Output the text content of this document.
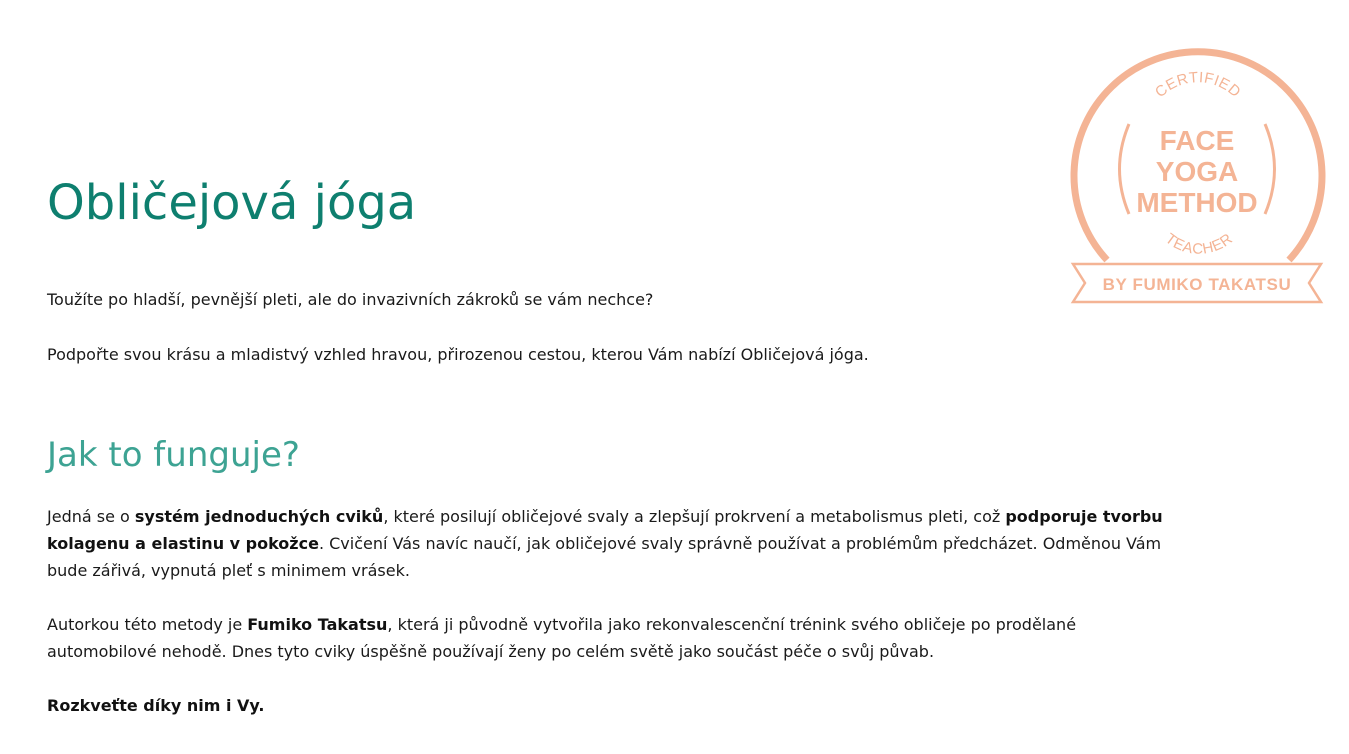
Obličejová jóga

Toužíte po hladší, pevnější pleti, ale do invazivních zákroků se vám nechce?

Podpořte svou krásu a mladistvý vzhled hravou, přirozenou cestou, kterou Vám nabízí Obličejová jóga.

Jak to funguje?

Jedná se o systém jednoduchých cviků, které posilují obličejové svaly a zlepšují prokrvení a metabolismus pleti, což podporuje tvorbu kolagenu a elastinu v pokožce. Cvičení Vás navíc naučí, jak obličejové svaly správně používat a problémům předcházet. Odměnou Vám bude zářivá, vypnutá pleť s minimem vrásek.

Autorkou této metody je Fumiko Takatsu, která ji původně vytvořila jako rekonvalescenční trénink svého obličeje po prodělané automobilové nehodě. Dnes tyto cviky úspěšně používají ženy po celém světě jako součást péče o svůj půvab.

Rozkveťte díky nim i Vy.

CERTIFIED
FACE
YOGA
METHOD
TEACHER
BY FUMIKO TAKATSU
